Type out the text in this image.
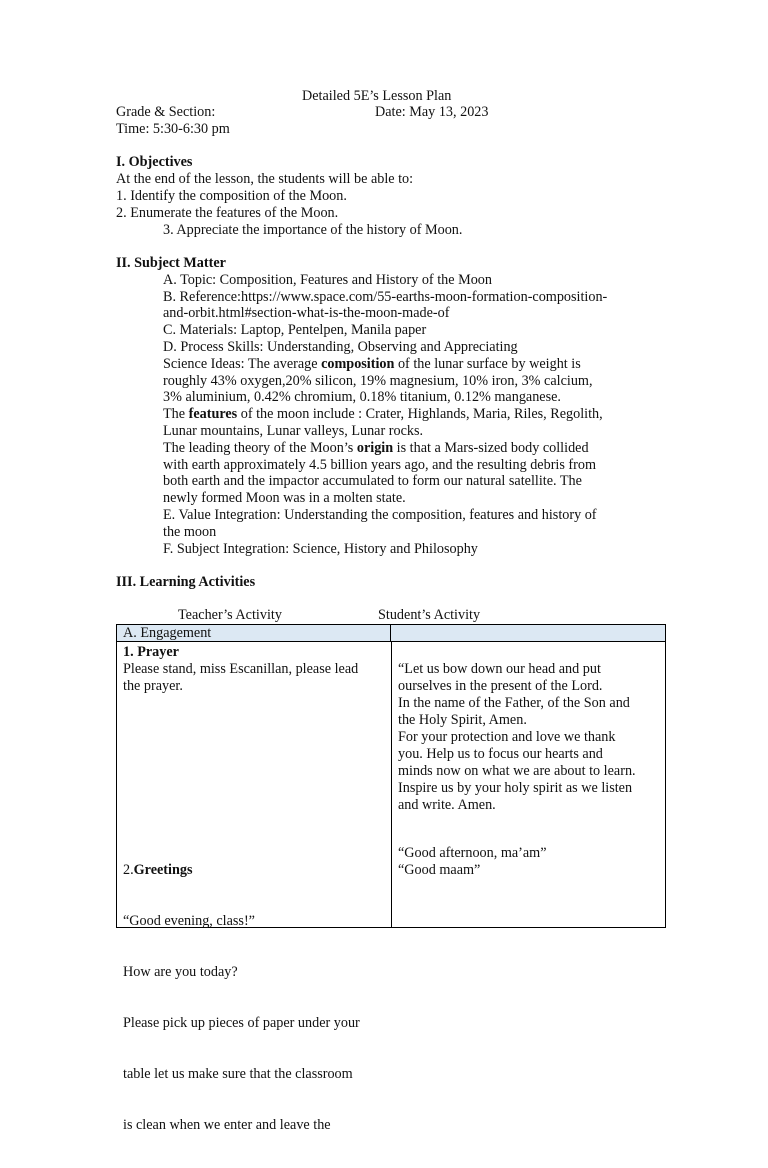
Detailed 5E’s Lesson Plan
Grade & Section:	Date: May 13, 2023
Time: 5:30-6:30 pm
I. Objectives
At the end of the lesson, the students will be able to:
1. Identify the composition of the Moon.
2. Enumerate the features of the Moon.
3. Appreciate the importance of the history of Moon.
II. Subject Matter
A. Topic: Composition, Features and History of the Moon
B. Reference:https://www.space.com/55-earths-moon-formation-composition-
and-orbit.html#section-what-is-the-moon-made-of
C. Materials: Laptop, Pentelpen, Manila paper
D. Process Skills: Understanding, Observing and Appreciating
Science Ideas: The average composition of the lunar surface by weight is
roughly 43% oxygen,20% silicon, 19% magnesium, 10% iron, 3% calcium,
3% aluminium, 0.42% chromium, 0.18% titanium, 0.12% manganese.
The features of the moon include : Crater, Highlands, Maria, Riles, Regolith,
Lunar mountains, Lunar valleys, Lunar rocks.
The leading theory of the Moon’s origin is that a Mars-sized body collided
with earth approximately 4.5 billion years ago, and the resulting debris from
both earth and the impactor accumulated to form our natural satellite. The
newly formed Moon was in a molten state.
E. Value Integration: Understanding the composition, features and history of
the moon
F. Subject Integration: Science, History and Philosophy
III. Learning Activities
Teacher’s Activity	Student’s Activity
A. Engagement
1. Prayer
Please stand, miss Escanillan, please lead
the prayer.

2.Greetings

“Good evening, class!”

How are you today?

Please pick up pieces of paper under your

table let us make sure that the classroom

is clean when we enter and leave the

“Let us bow down our head and put
ourselves in the present of the Lord.
In the name of the Father, of the Son and
the Holy Spirit, Amen.
For your protection and love we thank
you. Help us to focus our hearts and
minds now on what we are about to learn.
Inspire us by your holy spirit as we listen
and write. Amen.
“Good afternoon, ma’am”
“Good maam”
